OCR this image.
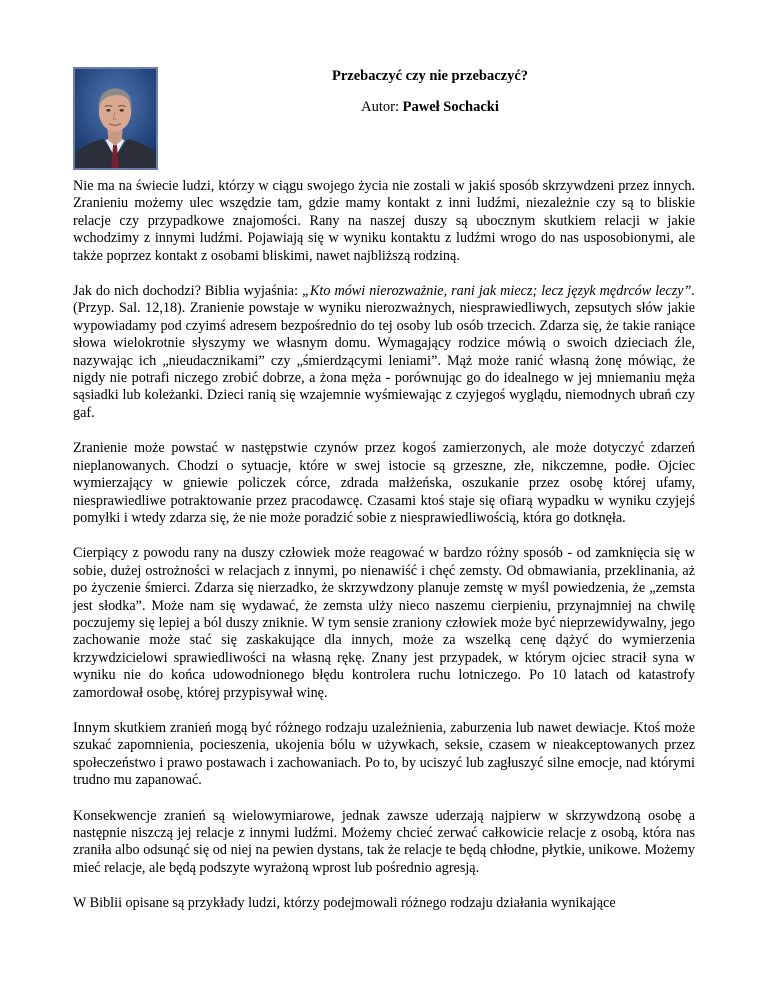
Przebaczyć czy nie przebaczyć?

Autor: Paweł Sochacki

Nie ma na świecie ludzi, którzy w ciągu swojego życia nie zostali w jakiś sposób skrzywdzeni przez innych. Zranieniu możemy ulec wszędzie tam, gdzie mamy kontakt z inni ludźmi, niezależnie czy są to bliskie relacje czy przypadkowe znajomości. Rany na naszej duszy są ubocznym skutkiem relacji w jakie wchodzimy z innymi ludźmi. Pojawiają się w wyniku kontaktu z ludźmi wrogo do nas usposobionymi, ale także poprzez kontakt z osobami bliskimi, nawet najbliższą rodziną.

Jak do nich dochodzi? Biblia wyjaśnia: „Kto mówi nierozważnie, rani jak miecz; lecz język mędrców leczy”. (Przyp. Sal. 12,18). Zranienie powstaje w wyniku nierozważnych, niesprawiedliwych, zepsutych słów jakie wypowiadamy pod czyimś adresem bezpośrednio do tej osoby lub osób trzecich. Zdarza się, że takie raniące słowa wielokrotnie słyszymy we własnym domu. Wymagający rodzice mówią o swoich dzieciach źle, nazywając ich „nieudacznikami” czy „śmierdzącymi leniami”. Mąż może ranić własną żonę mówiąc, że nigdy nie potrafi niczego zrobić dobrze, a żona męża - porównując go do idealnego w jej mniemaniu męża sąsiadki lub koleżanki. Dzieci ranią się wzajemnie wyśmiewając z czyjegoś wyglądu, niemodnych ubrań czy gaf.

Zranienie może powstać w następstwie czynów przez kogoś zamierzonych, ale może dotyczyć zdarzeń nieplanowanych. Chodzi o sytuacje, które w swej istocie są grzeszne, złe, nikczemne, podłe. Ojciec wymierzający w gniewie policzek córce, zdrada małżeńska, oszukanie przez osobę której ufamy, niesprawiedliwe potraktowanie przez pracodawcę. Czasami ktoś staje się ofiarą wypadku w wyniku czyjejś pomyłki i wtedy zdarza się, że nie może poradzić sobie z niesprawiedliwością, która go dotknęła.

Cierpiący z powodu rany na duszy człowiek może reagować w bardzo różny sposób - od zamknięcia się w sobie, dużej ostrożności w relacjach z innymi, po nienawiść i chęć zemsty. Od obmawiania, przeklinania, aż po życzenie śmierci. Zdarza się nierzadko, że skrzywdzony planuje zemstę w myśl powiedzenia, że „zemsta jest słodka”. Może nam się wydawać, że zemsta ulży nieco naszemu cierpieniu, przynajmniej na chwilę poczujemy się lepiej a ból duszy zniknie. W tym sensie zraniony człowiek może być nieprzewidywalny, jego zachowanie może stać się zaskakujące dla innych, może za wszelką cenę dążyć do wymierzenia krzywdzicielowi sprawiedliwości na własną rękę. Znany jest przypadek, w którym ojciec stracił syna w wyniku nie do końca udowodnionego błędu kontrolera ruchu lotniczego. Po 10 latach od katastrofy zamordował osobę, której przypisywał winę.

Innym skutkiem zranień mogą być różnego rodzaju uzależnienia, zaburzenia lub nawet dewiacje. Ktoś może szukać zapomnienia, pocieszenia, ukojenia bólu w używkach, seksie, czasem w nieakceptowanych przez społeczeństwo i prawo postawach i zachowaniach. Po to, by uciszyć lub zagłuszyć silne emocje, nad którymi trudno mu zapanować.

Konsekwencje zranień są wielowymiarowe, jednak zawsze uderzają najpierw w skrzywdzoną osobę a następnie niszczą jej relacje z innymi ludźmi. Możemy chcieć zerwać całkowicie relacje z osobą, która nas zraniła albo odsunąć się od niej na pewien dystans, tak że relacje te będą chłodne, płytkie, unikowe. Możemy mieć relacje, ale będą podszyte wyrażoną wprost lub pośrednio agresją.

W Biblii opisane są przykłady ludzi, którzy podejmowali różnego rodzaju działania wynikające
